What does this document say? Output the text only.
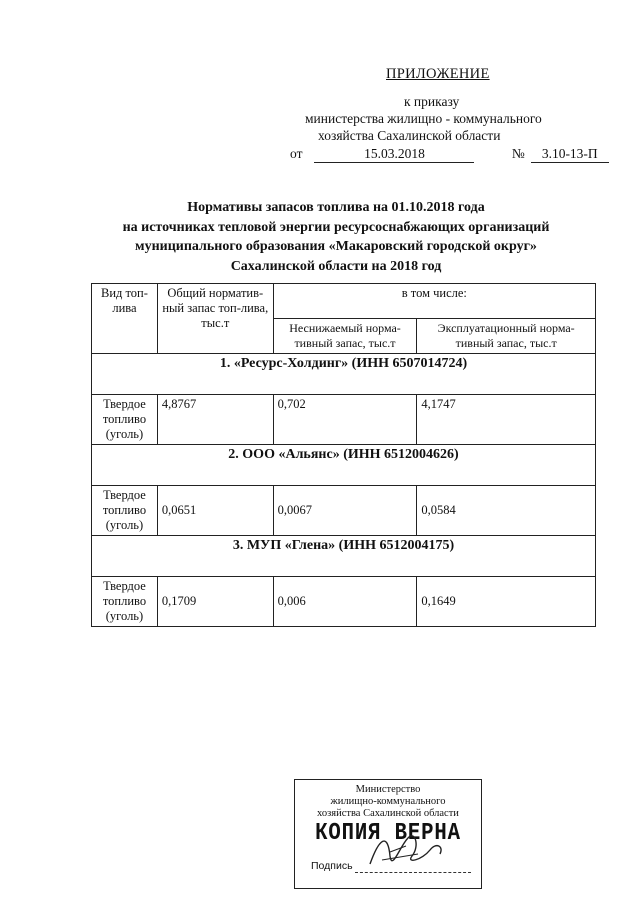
ПРИЛОЖЕНИЕ
к приказу
министерства жилищно - коммунального
хозяйства Сахалинской области
от	15.03.2018	№ 3.10-13-П
Нормативы запасов топлива на 01.10.2018 года
на источниках тепловой энергии ресурсоснабжающих организаций
муниципального образования «Макаровский городской округ»
Сахалинской области на 2018 год
Вид топ-лива	Общий норматив-ный запас топ-лива, тыс.т	в том числе:	
		Неснижаемый норма-тивный запас, тыс.т	Эксплуатационный норма-тивный запас, тыс.т
1. «Ресурс-Холдинг» (ИНН 6507014724)			
Твердое топливо (уголь)	4,8767	0,702	4,1747
2. ООО «Альянс» (ИНН 6512004626)			
Твердое топливо (уголь)	0,0651	0,0067	0,0584
3. МУП «Глена» (ИНН 6512004175)			
Твердое топливо (уголь)	0,1709	0,006	0,1649
Министерство
жилищно-коммунального
хозяйства Сахалинской области
КОПИЯ ВЕРНА
Подпись
